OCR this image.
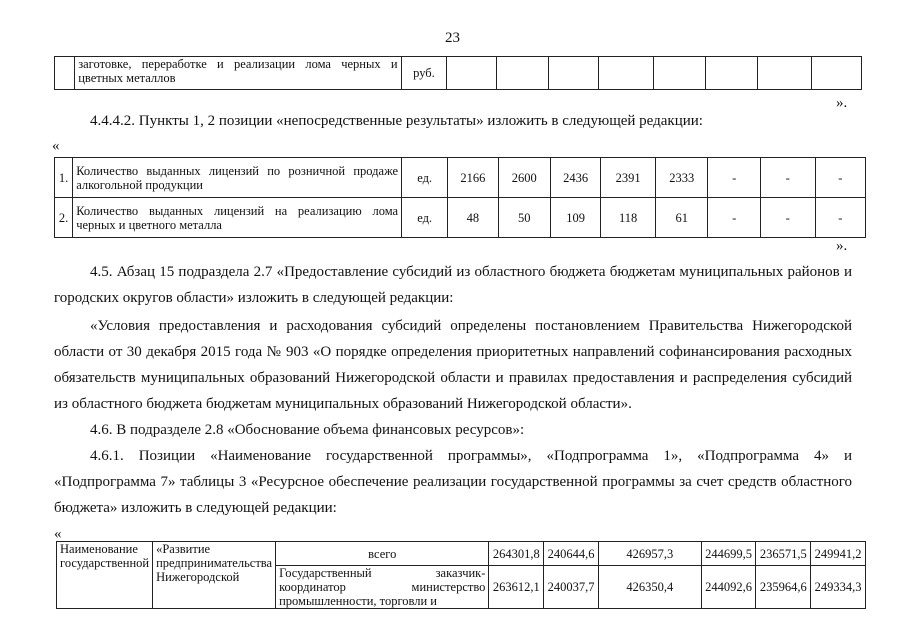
23
	заготовке, переработке и реализации лома черных и цветных металлов	руб.								
».
4.4.4.2. Пункты 1, 2 позиции «непосредственные результаты» изложить в следующей редакции:
«
1.	Количество выданных лицензий по розничной продаже алкогольной продукции	ед.	2166	2600	2436	2391	2333	-	-	-
2.	Количество выданных лицензий на реализацию лома черных и цветного металла	ед.	48	50	109	118	61	-	-	-
».
4.5. Абзац 15 подраздела 2.7 «Предоставление субсидий из областного бюджета бюджетам муниципальных районов и городских округов области» изложить в следующей редакции:
«Условия предоставления и расходования субсидий определены постановлением Правительства Нижегородской области от 30 декабря 2015 года № 903 «О порядке определения приоритетных направлений софинансирования расходных обязательств муниципальных образований Нижегородской области и правилах предоставления и распределения субсидий из областного бюджета бюджетам муниципальных образований Нижегородской области».
4.6. В подразделе 2.8 «Обоснование объема финансовых ресурсов»:
4.6.1. Позиции «Наименование государственной программы», «Подпрограмма 1», «Подпрограмма 4» и «Подпрограмма 7» таблицы 3 «Ресурсное обеспечение реализации государственной программы за счет средств областного бюджета» изложить в следующей редакции:
«
Наименование государственной	«Развитие предпринимательства Нижегородской	всего	264301,8	240644,6	426957,3	244699,5	236571,5	249941,2
		Государственный заказчик-координатор министерство промышленности, торговли и	263612,1	240037,7	426350,4	244092,6	235964,6	249334,3
